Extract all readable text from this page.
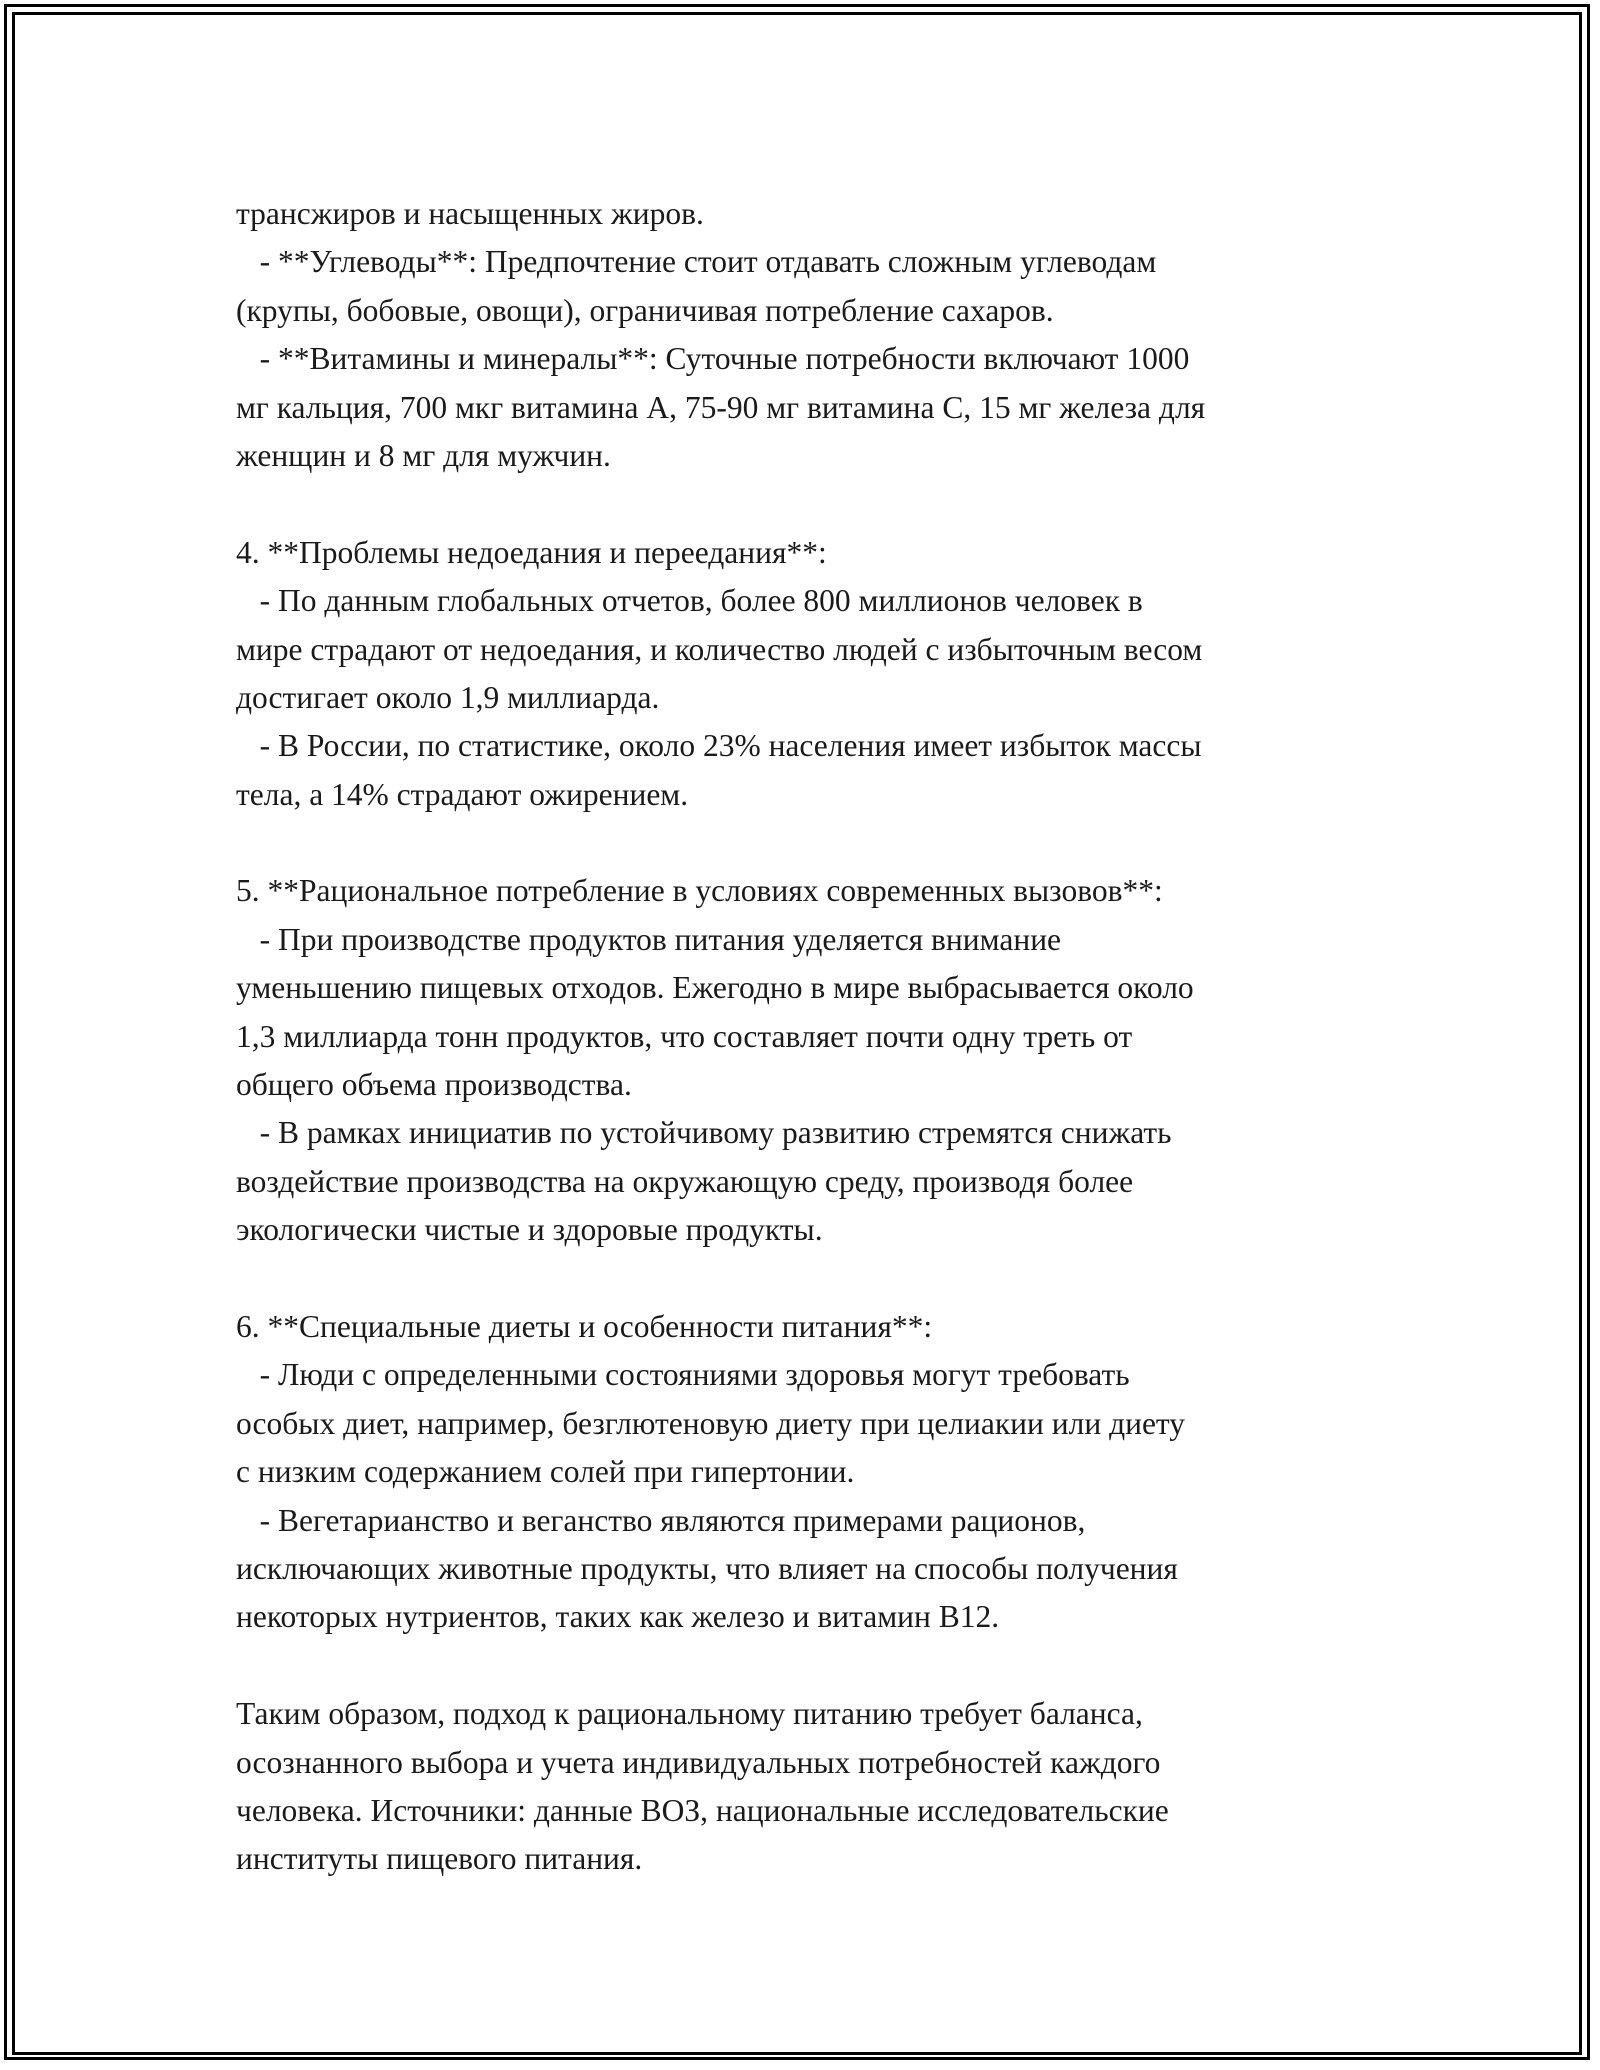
трансжиров и насыщенных жиров.
- **Углеводы**: Предпочтение стоит отдавать сложным углеводам
(крупы, бобовые, овощи), ограничивая потребление сахаров.
- **Витамины и минералы**: Суточные потребности включают 1000
мг кальция, 700 мкг витамина А, 75-90 мг витамина С, 15 мг железа для
женщин и 8 мг для мужчин.
4. **Проблемы недоедания и переедания**:
- По данным глобальных отчетов, более 800 миллионов человек в
мире страдают от недоедания, и количество людей с избыточным весом
достигает около 1,9 миллиарда.
- В России, по статистике, около 23% населения имеет избыток массы
тела, а 14% страдают ожирением.
5. **Рациональное потребление в условиях современных вызовов**:
- При производстве продуктов питания уделяется внимание
уменьшению пищевых отходов. Ежегодно в мире выбрасывается около
1,3 миллиарда тонн продуктов, что составляет почти одну треть от
общего объема производства.
- В рамках инициатив по устойчивому развитию стремятся снижать
воздействие производства на окружающую среду, производя более
экологически чистые и здоровые продукты.
6. **Специальные диеты и особенности питания**:
- Люди с определенными состояниями здоровья могут требовать
особых диет, например, безглютеновую диету при целиакии или диету
с низким содержанием солей при гипертонии.
- Вегетарианство и веганство являются примерами рационов,
исключающих животные продукты, что влияет на способы получения
некоторых нутриентов, таких как железо и витамин B12.
Таким образом, подход к рациональному питанию требует баланса,
осознанного выбора и учета индивидуальных потребностей каждого
человека. Источники: данные ВОЗ, национальные исследовательские
институты пищевого питания.
